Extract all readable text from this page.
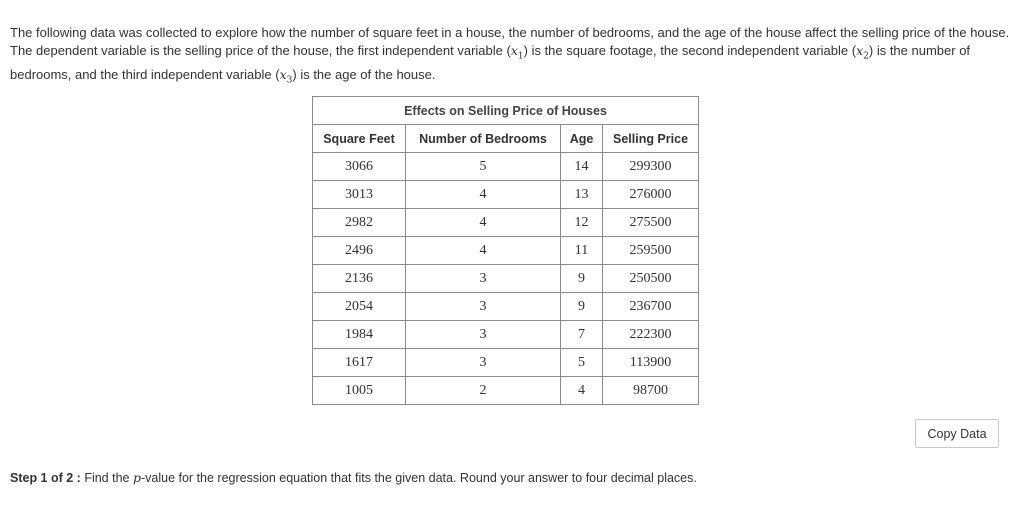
The following data was collected to explore how the number of square feet in a house, the number of bedrooms, and the age of the house affect the selling price of the house. The dependent variable is the selling price of the house, the first independent variable $(x_1)$ is the square footage, the second independent variable $(x_2)$ is the number of bedrooms, and the third independent variable $(x_3)$ is the age of the house.

Effects on Selling Price of Houses			
Square Feet	Number of Bedrooms	Age	Selling Price
3066	5	14	299300
3013	4	13	276000
2982	4	12	275500
2496	4	11	259500
2136	3	9	250500
2054	3	9	236700
1984	3	7	222300
1617	3	5	113900
1005	2	4	98700
Copy Data
Step 1 of 2 : Find the p-value for the regression equation that fits the given data. Round your answer to four decimal places.
